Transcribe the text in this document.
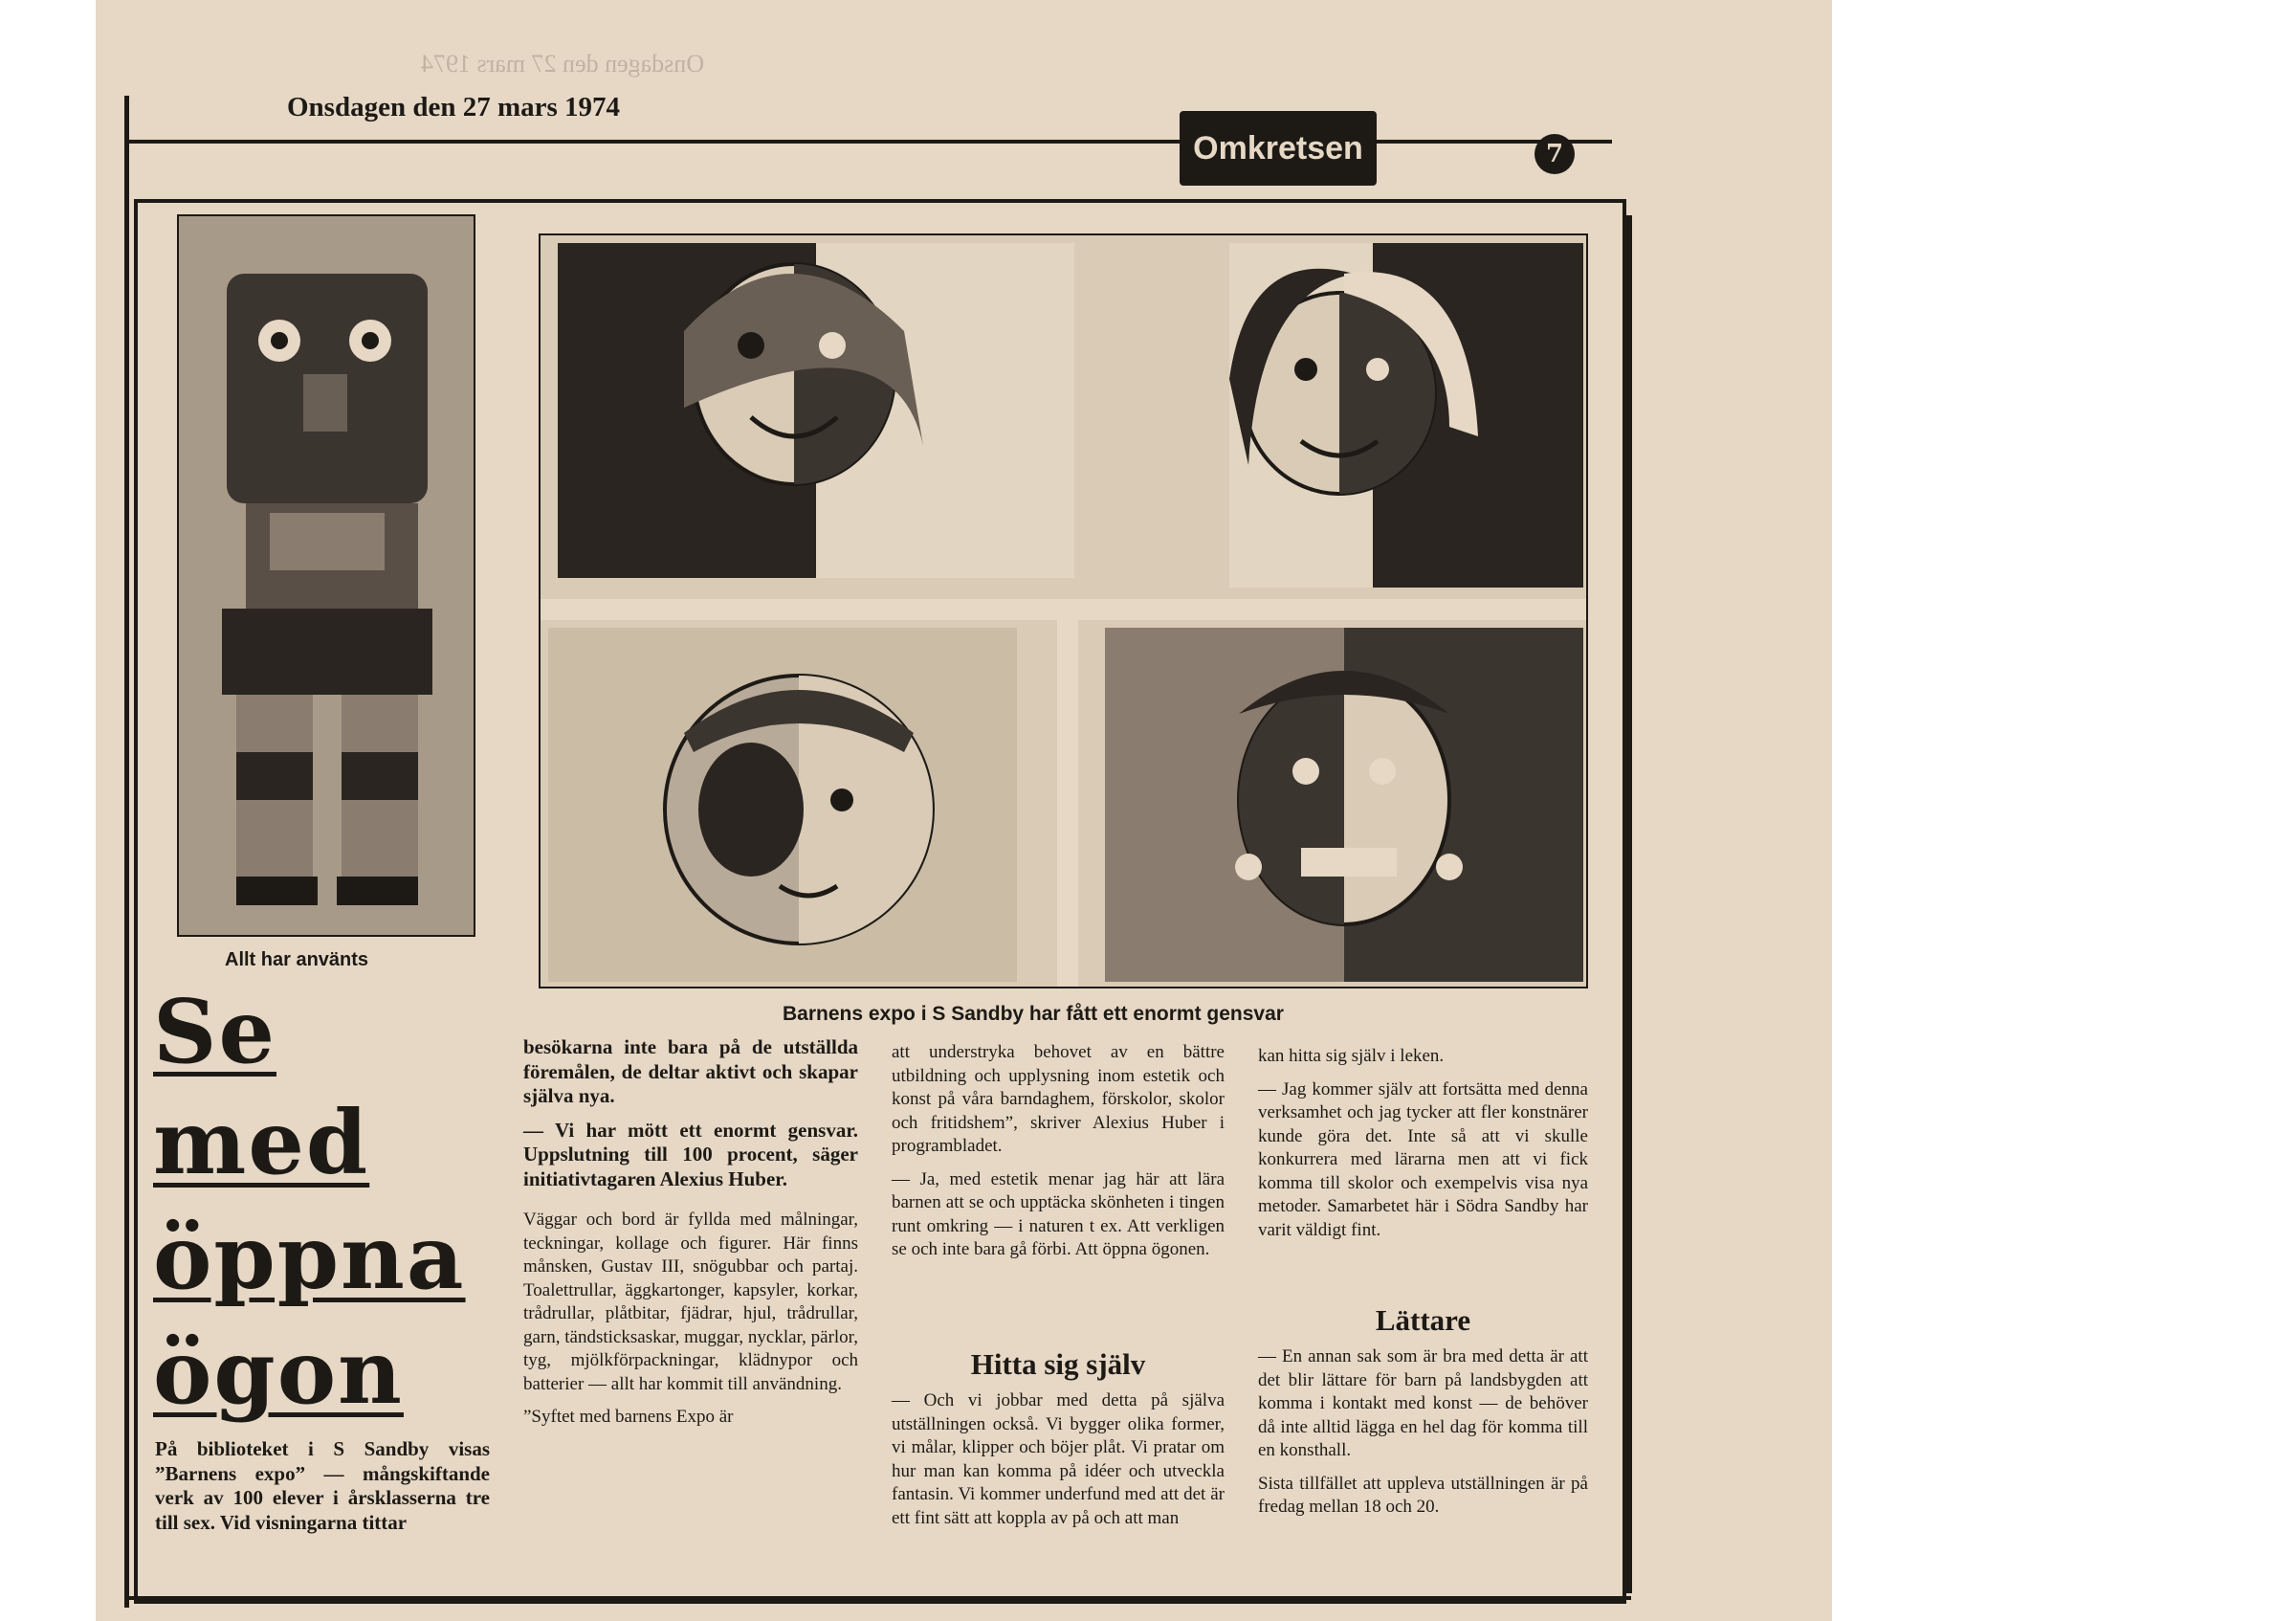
Onsdagen den 27 mars 1974
Onsdagen den 27 mars 1974
Omkretsen	7
Allt har använts
Barnens expo i S Sandby har fått ett enormt gensvar
Se
med
öppna
ögon

På biblioteket i S Sandby visas ”Barnens expo” — mångskiftande verk av 100 elever i årsklasserna tre till sex. Vid visningarna tittar

besökarna inte bara på de utställda föremålen, de deltar aktivt och skapar själva nya.

— Vi har mött ett enormt gensvar. Uppslutning till 100 procent, säger initiativtagaren Alexius Huber.

Väggar och bord är fyllda med målningar, teckningar, kollage och figurer. Här finns månsken, Gustav III, snögubbar och partaj. Toalettrullar, äggkartonger, kapsyler, korkar, trådrullar, plåtbitar, fjädrar, hjul, trådrullar, garn, tändsticksaskar, muggar, nycklar, pärlor, tyg, mjölkförpackningar, klädnypor och batterier — allt har kommit till användning.

”Syftet med barnens Expo är

att understryka behovet av en bättre utbildning och upplysning inom estetik och konst på våra barndaghem, förskolor, skolor och fritidshem”, skriver Alexius Huber i programbladet.

— Ja, med estetik menar jag här att lära barnen att se och upptäcka skönheten i tingen runt omkring — i naturen t ex. Att verkligen se och inte bara gå förbi. Att öppna ögonen.

Hitta sig själv

— Och vi jobbar med detta på själva utställningen också. Vi bygger olika former, vi målar, klipper och böjer plåt. Vi pratar om hur man kan komma på idéer och utveckla fantasin. Vi kommer underfund med att det är ett fint sätt att koppla av på och att man

kan hitta sig själv i leken.

— Jag kommer själv att fortsätta med denna verksamhet och jag tycker att fler konstnärer kunde göra det. Inte så att vi skulle konkurrera med lärarna men att vi fick komma till skolor och exempelvis visa nya metoder. Samarbetet här i Södra Sandby har varit väldigt fint.

Lättare

— En annan sak som är bra med detta är att det blir lättare för barn på landsbygden att komma i kontakt med konst — de behöver då inte alltid lägga en hel dag för komma till en konsthall.

Sista tillfället att uppleva utställningen är på fredag mellan 18 och 20.
